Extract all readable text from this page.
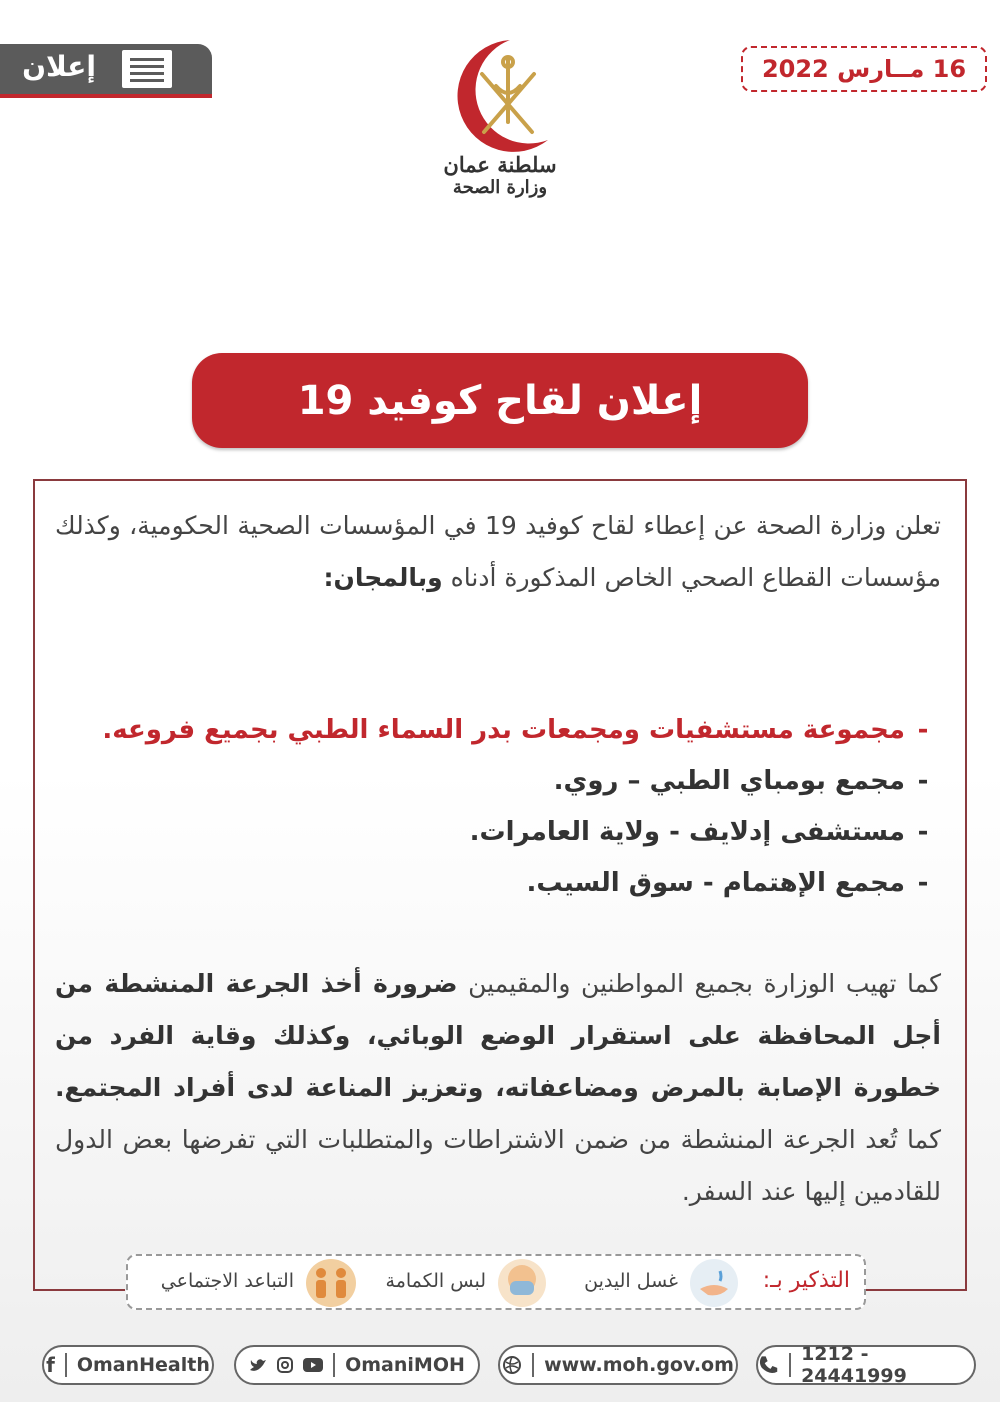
إعلان	16 مــارس 2022
سلطنة عمان
وزارة الصحة
إعلان لقاح كوفيد 19
تعلن وزارة الصحة عن إعطاء لقاح كوفيد 19 في المؤسسات الصحية الحكومية، وكذلك مؤسسات القطاع الصحي الخاص المذكورة أدناه وبالمجان:
-مجموعة مستشفيات ومجمعات بدر السماء الطبي بجميع فروعه.
-مجمع بومباي الطبي – روي.
-مستشفى إدلايف - ولاية العامرات.
-مجمع الإهتمام - سوق السيب.
كما تهيب الوزارة بجميع المواطنين والمقيمين ضرورة أخذ الجرعة المنشطة من أجل المحافظة على استقرار الوضع الوبائي، وكذلك وقاية الفرد من خطورة الإصابة بالمرض ومضاعفاته، وتعزيز المناعة لدى أفراد المجتمع. كما تُعد الجرعة المنشطة من ضمن الاشتراطات والمتطلبات التي تفرضها بعض الدول للقادمين إليها عند السفر.
التذكير بـ:
غسل اليدين
لبس الكمامة
التباعد الاجتماعي
f OmanHealth	OmaniMOH	www.moh.gov.om	1212 - 24441999
